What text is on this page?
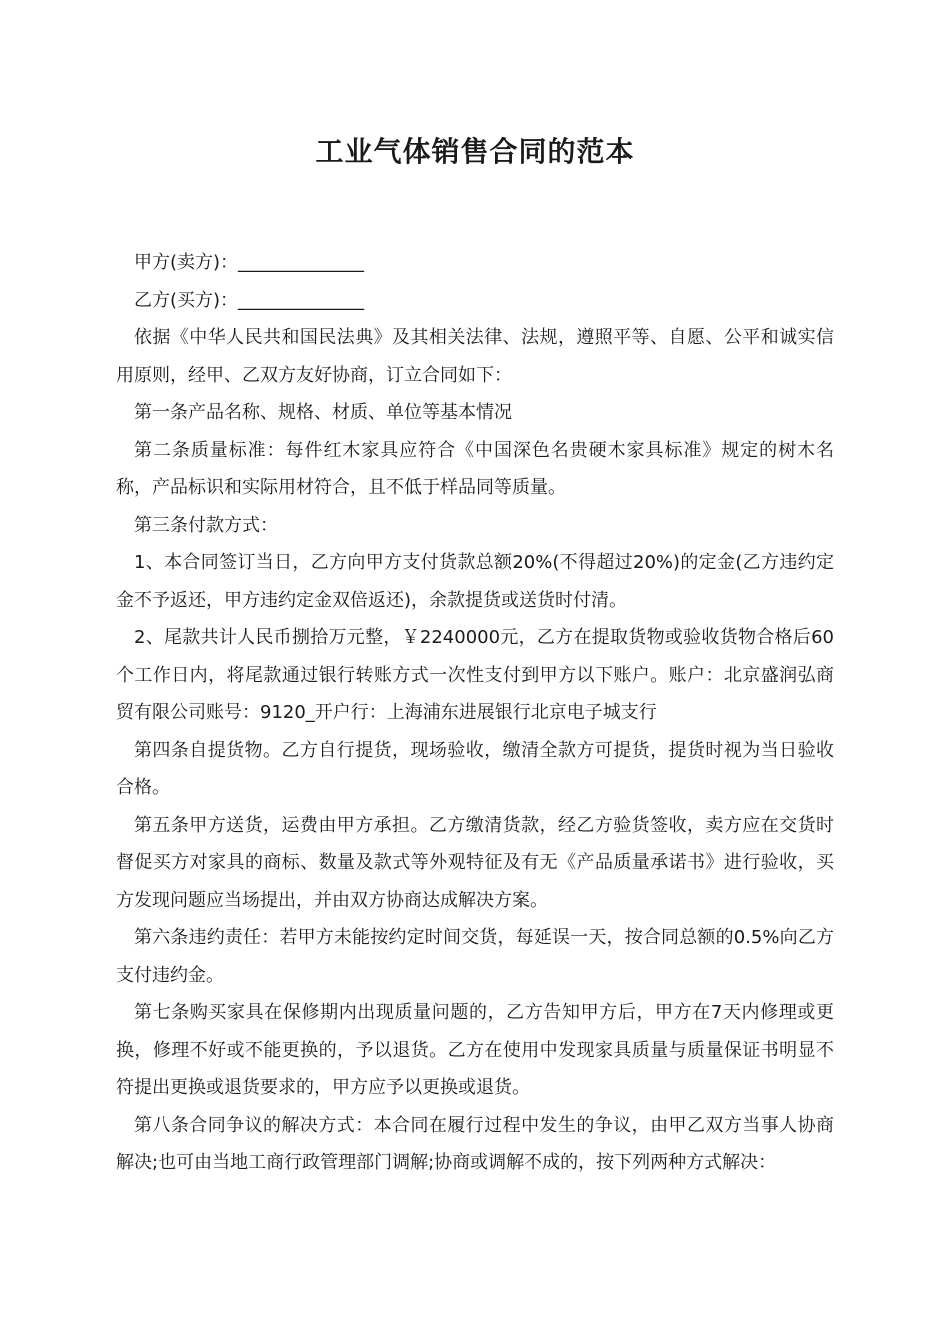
工业气体销售合同的范本

甲方(卖方)：______________

乙方(买方)：______________

依据《中华人民共和国民法典》及其相关法律、法规，遵照平等、自愿、公平和诚实信用原则，经甲、乙双方友好协商，订立合同如下：

第一条产品名称、规格、材质、单位等基本情况

第二条质量标准：每件红木家具应符合《中国深色名贵硬木家具标准》规定的树木名称，产品标识和实际用材符合，且不低于样品同等质量。

第三条付款方式：

1、本合同签订当日，乙方向甲方支付货款总额20%(不得超过20%)的定金(乙方违约定金不予返还，甲方违约定金双倍返还)，余款提货或送货时付清。

2、尾款共计人民币捌拾万元整，￥2240000元，乙方在提取货物或验收货物合格后60个工作日内，将尾款通过银行转账方式一次性支付到甲方以下账户。账户：北京盛润弘商贸有限公司账号：9120_开户行：上海浦东进展银行北京电子城支行

第四条自提货物。乙方自行提货，现场验收，缴清全款方可提货，提货时视为当日验收合格。

第五条甲方送货，运费由甲方承担。乙方缴清货款，经乙方验货签收，卖方应在交货时督促买方对家具的商标、数量及款式等外观特征及有无《产品质量承诺书》进行验收，买方发现问题应当场提出，并由双方协商达成解决方案。

第六条违约责任：若甲方未能按约定时间交货，每延误一天，按合同总额的0.5%向乙方支付违约金。

第七条购买家具在保修期内出现质量问题的，乙方告知甲方后，甲方在7天内修理或更换，修理不好或不能更换的，予以退货。乙方在使用中发现家具质量与质量保证书明显不符提出更换或退货要求的，甲方应予以更换或退货。

第八条合同争议的解决方式：本合同在履行过程中发生的争议，由甲乙双方当事人协商解决;也可由当地工商行政管理部门调解;协商或调解不成的，按下列两种方式解决：
